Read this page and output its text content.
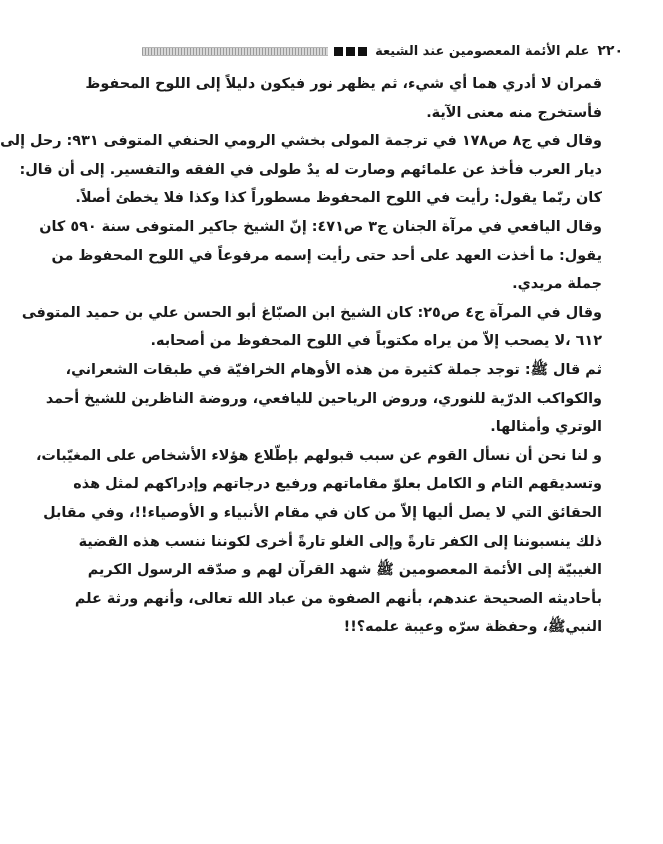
٢٢٠
علم الأئمة المعصومين عند الشيعة
قمران لا أدري هما أي شيء، ثم يظهر نور فيكون دليلاً إلى اللوح المحفوظ
فأستخرج منه معنى الآية.
وقال في ج٨ ص١٧٨ في ترجمة المولى بخشي الرومي الحنفي المتوفى ٩٣١: رحل إلى
ديار العرب فأخذ عن علمائهم وصارت له يدٌ طولى في الفقه والتفسير. إلى أن قال:
كان ربّما يقول: رأيت في اللوح المحفوظ مسطوراً كذا وكذا فلا يخطئ أصلاً.
وقال اليافعي في مرآة الجنان ج٣ ص٤٧١: إنّ الشيخ جاكير المتوفى سنة ٥٩٠ كان
يقول: ما أخذت العهد على أحد حتى رأيت إسمه مرفوعاً في اللوح المحفوظ من
جملة مريدي.
وقال في المرآة ج٤ ص٢٥: كان الشيخ ابن الصبّاغ أبو الحسن علي بن حميد المتوفى
٦١٢ ،لا يصحب إلاّ من يراه مكتوباً في اللوح المحفوظ من أصحابه.
ثم قال ﷺ: توجد جملة كثيرة من هذه الأوهام الخرافيّة في طبقات الشعراني،
والكواكب الدرّية للنوري، وروض الرياحين لليافعي، وروضة الناظرين للشيخ أحمد
الوتري وأمثالها.
و لنا نحن أن نسأل القوم عن سبب قبولهم بإطّلاع هؤلاء الأشخاص على المغيّبات،
وتسديقهم التام و الكامل بعلوّ مقاماتهم ورفيع درجاتهم وإدراكهم لمثل هذه
الحقائق التي لا يصل أليها إلاّ من كان في مقام الأنبياء و الأوصياء!!، وفي مقابل
ذلك ينسبوننا إلى الكفر تارةً وإلى الغلو تارةً أخرى لكوننا ننسب هذه القضية
الغيبيّة إلى الأئمة المعصومين ﷺ شهد القرآن لهم و صدّقه الرسول الكريم
بأحاديثه الصحيحة عندهم، بأنهم الصفوة من عباد الله تعالى، وأنهم ورثة علم
النبيﷺ، وحفظة سرّه وعيبة علمه؟!!
